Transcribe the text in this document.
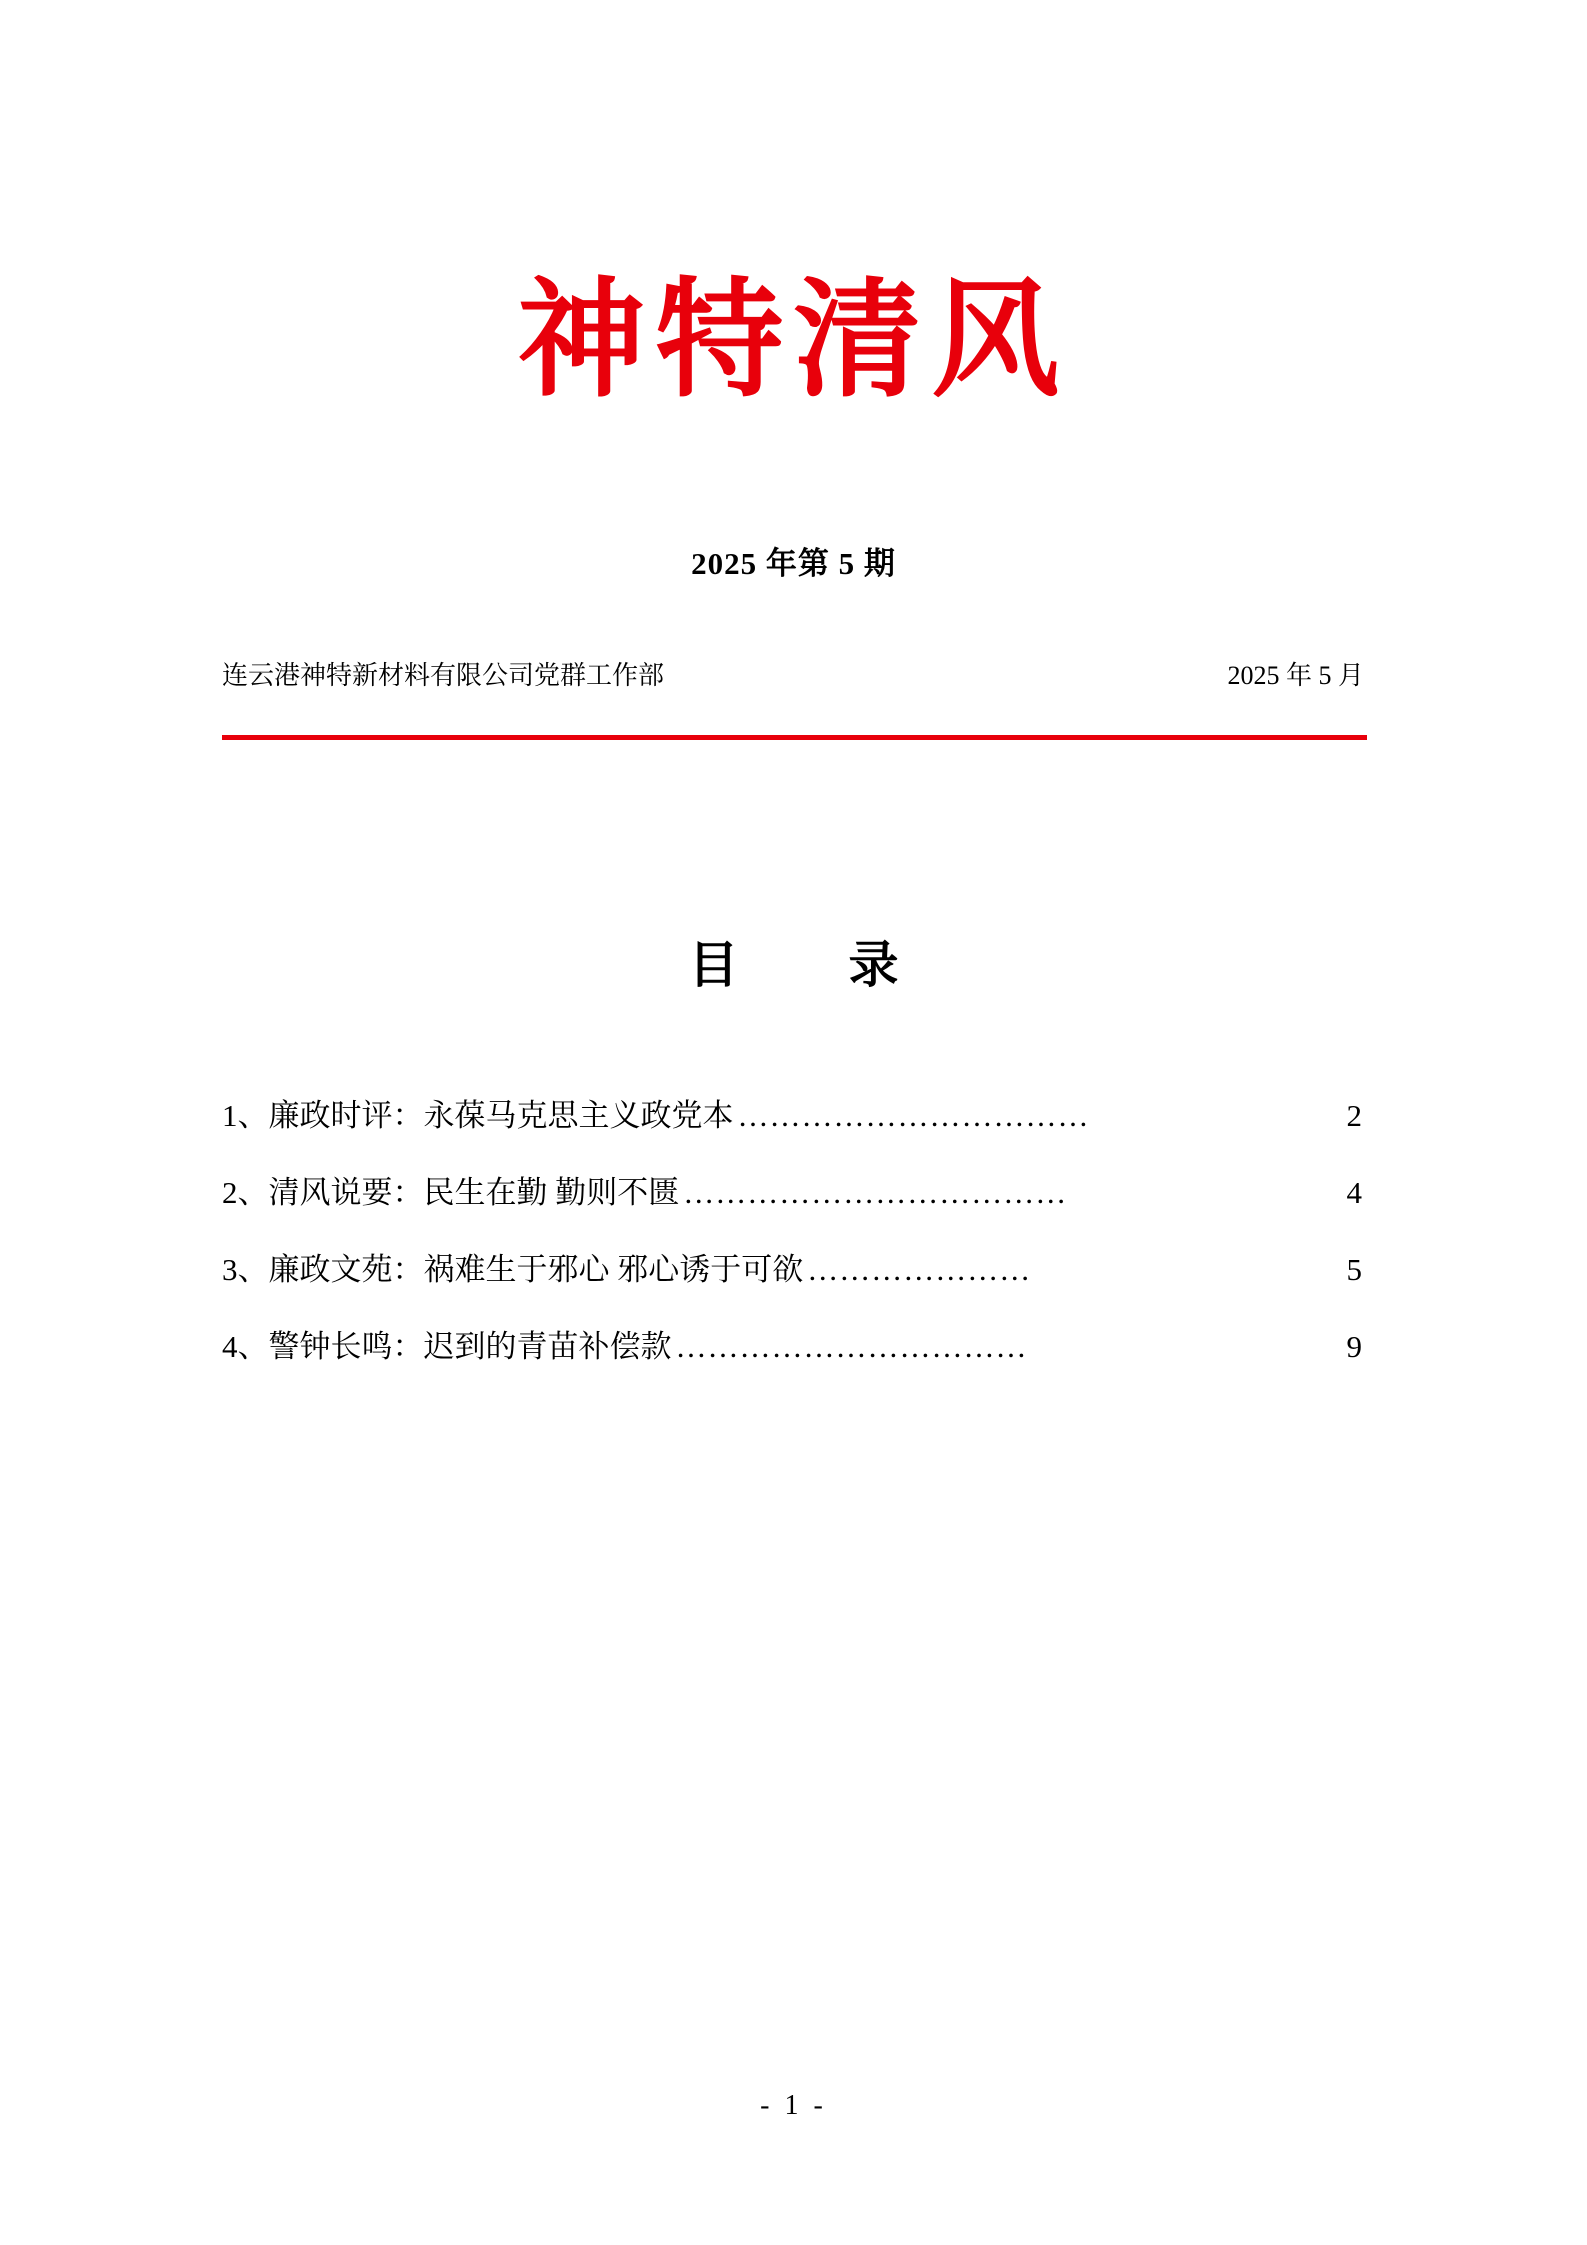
神特清风
2025 年第 5 期
连云港神特新材料有限公司党群工作部	2025 年 5 月
目　录
1、廉政时评：永葆马克思主义政党本 ……………………………	2
2、清风说要：民生在勤 勤则不匮 ………………………………	4
3、廉政文苑：祸难生于邪心 邪心诱于可欲 …………………	5
4、警钟长鸣：迟到的青苗补偿款 ……………………………	9
- 1 -
